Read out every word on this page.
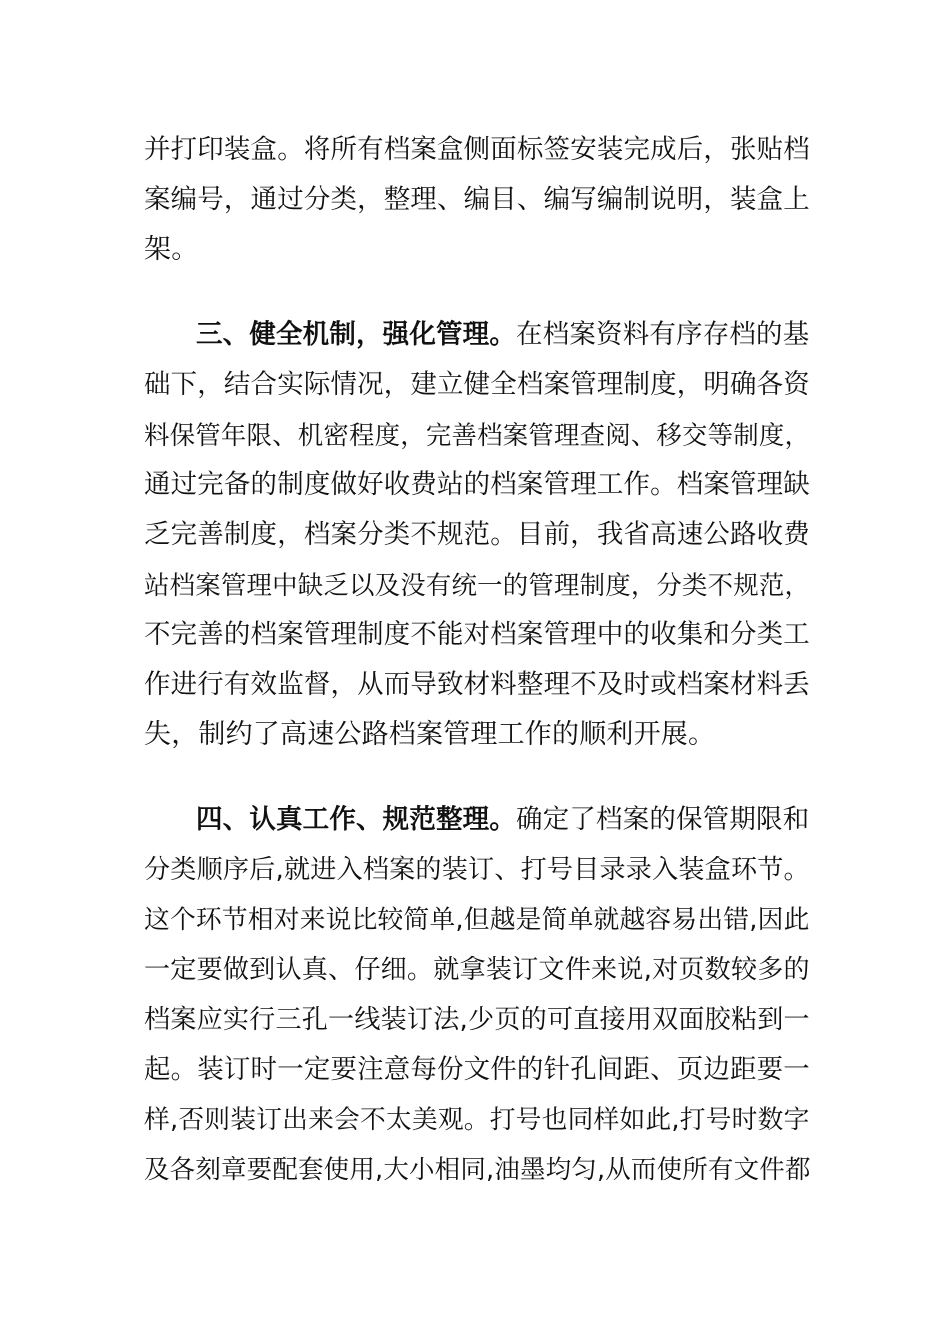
并打印装盒。将所有档案盒侧面标签安装完成后，张贴档
案编号，通过分类，整理、编目、编写编制说明，装盒上
架。
三、健全机制，强化管理。在档案资料有序存档的基
础下，结合实际情况，建立健全档案管理制度，明确各资
料保管年限、机密程度，完善档案管理查阅、移交等制度，
通过完备的制度做好收费站的档案管理工作。档案管理缺
乏完善制度，档案分类不规范。目前，我省高速公路收费
站档案管理中缺乏以及没有统一的管理制度，分类不规范，
不完善的档案管理制度不能对档案管理中的收集和分类工
作进行有效监督，从而导致材料整理不及时或档案材料丢
失，制约了高速公路档案管理工作的顺利开展。
四、认真工作、规范整理。确定了档案的保管期限和
分类顺序后,就进入档案的装订、打号目录录入装盒环节。
这个环节相对来说比较简单,但越是简单就越容易出错,因此
一定要做到认真、仔细。就拿装订文件来说,对页数较多的
档案应实行三孔一线装订法,少页的可直接用双面胶粘到一
起。装订时一定要注意每份文件的针孔间距、页边距要一
样,否则装订出来会不太美观。打号也同样如此,打号时数字
及各刻章要配套使用,大小相同,油墨均匀,从而使所有文件都
